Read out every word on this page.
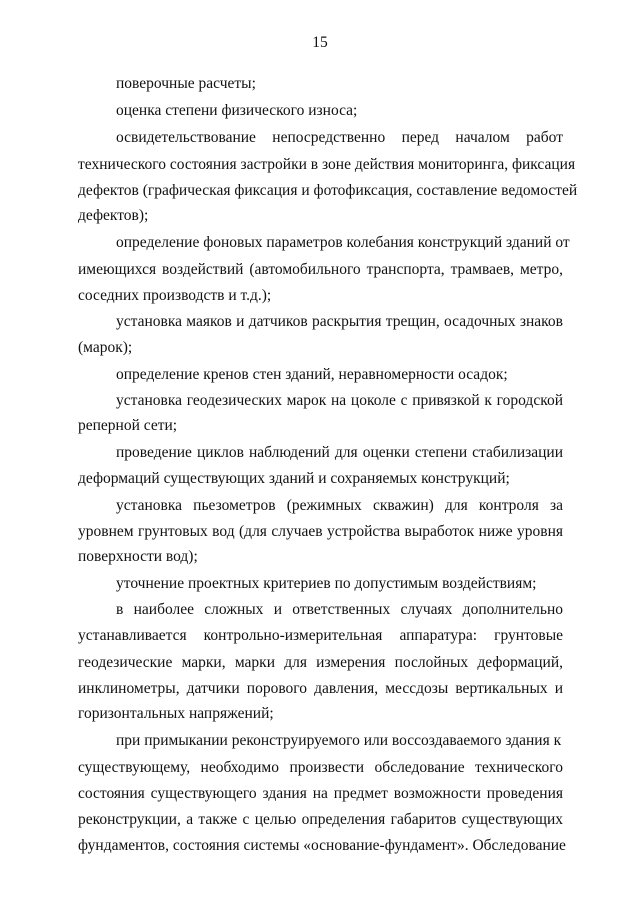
15
поверочные расчеты;
оценка степени физического износа;
освидетельствование непосредственно перед началом работ
технического состояния застройки в зоне действия мониторинга, фиксация
дефектов (графическая фиксация и фотофиксация, составление ведомостей
дефектов);
определение фоновых параметров колебания конструкций зданий от
имеющихся воздействий (автомобильного транспорта, трамваев, метро,
соседних производств и т.д.);
установка маяков и датчиков раскрытия трещин, осадочных знаков
(марок);
определение кренов стен зданий, неравномерности осадок;
установка геодезических марок на цоколе с привязкой к городской
реперной сети;
проведение циклов наблюдений для оценки степени стабилизации
деформаций существующих зданий и сохраняемых конструкций;
установка пьезометров (режимных скважин) для контроля за
уровнем грунтовых вод (для случаев устройства выработок ниже уровня
поверхности вод);
уточнение проектных критериев по допустимым воздействиям;
в наиболее сложных и ответственных случаях дополнительно
устанавливается контрольно-измерительная аппаратура: грунтовые
геодезические марки, марки для измерения послойных деформаций,
инклинометры, датчики порового давления, мессдозы вертикальных и
горизонтальных напряжений;
при примыкании реконструируемого или воссоздаваемого здания к
существующему, необходимо произвести обследование технического
состояния существующего здания на предмет возможности проведения
реконструкции, а также с целью определения габаритов существующих
фундаментов, состояния системы «основание-фундамент». Обследование
